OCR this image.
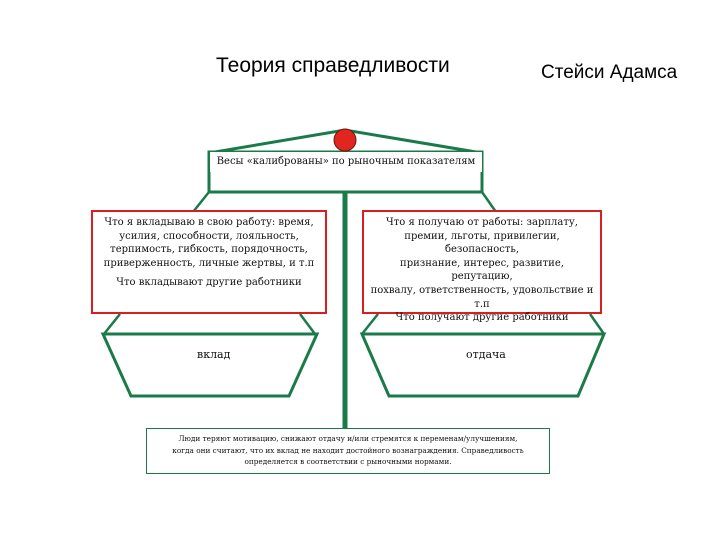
Теория справедливости	Стейси Адамса
Весы «калиброваны» по рыночным показателям
Что я вкладываю в свою работу: время,
усилия, способности, лояльность,
терпимость, гибкость, порядочность,
приверженность, личные жертвы, и т.п
Что вкладывают другие работники
Что я получаю от работы: зарплату,
премии, льготы, привилегии, безопасность,
признание, интерес, развитие, репутацию,
похвалу, ответственность, удовольствие и
т.п
Что получают другие работники
вклад	отдача
Люди теряют мотивацию, снижают отдачу и/или стремятся к переменам/улучшениям,
когда они считают, что их вклад не находит достойного вознаграждения. Справедливость
определяется в соответствии с рыночными нормами.
